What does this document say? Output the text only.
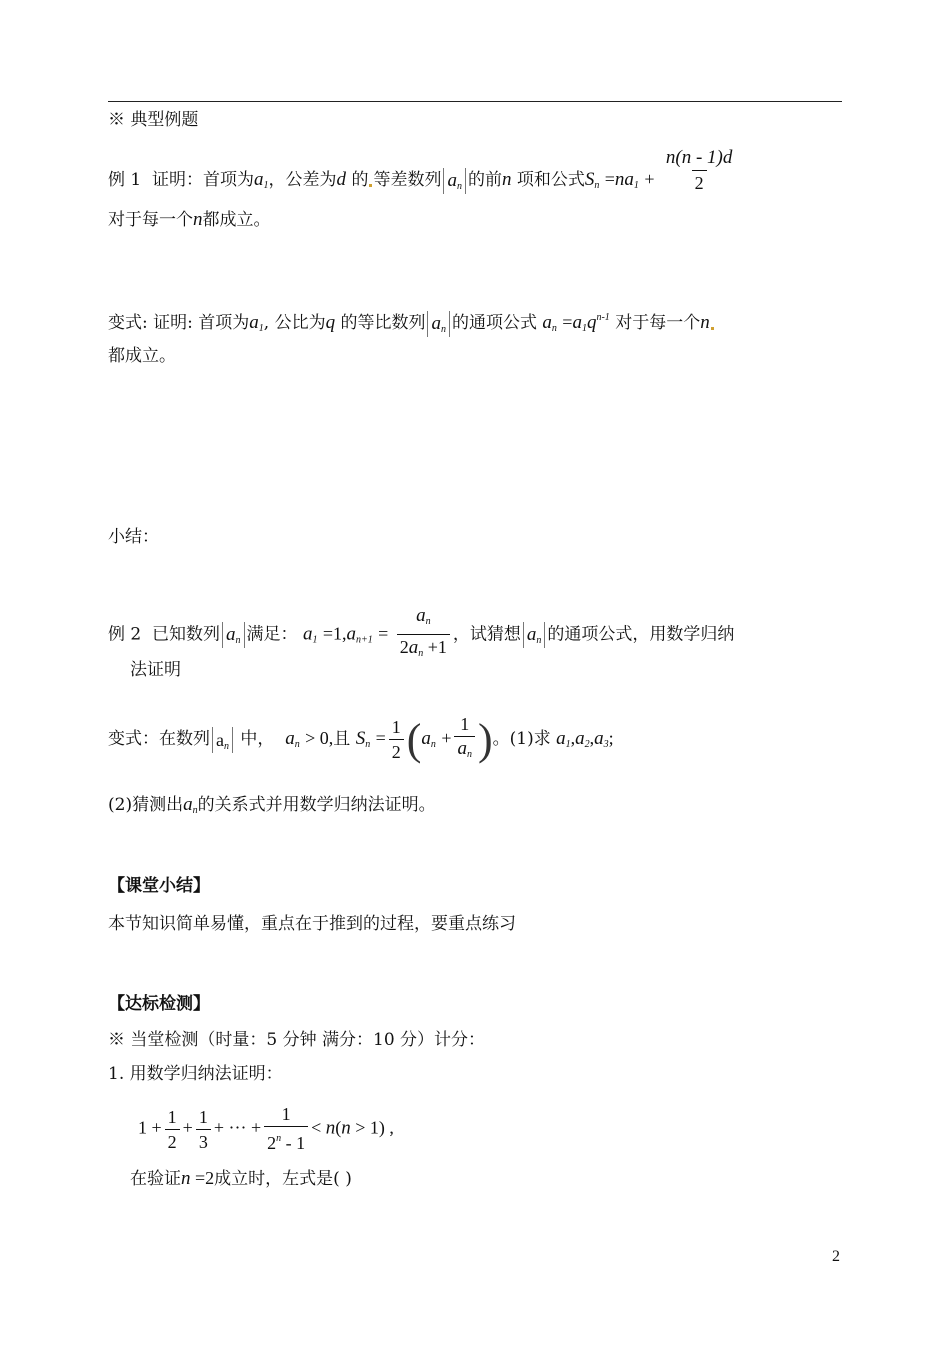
※ 典型例题
例 1 证明：首项为$a_1$，公差为d 的 等差数列 $a_n$ 的前n 项和公式$S_n =na_1 + \frac{n(n - 1)d}{2}$
对于每一个n都成立。
变式: 证明: 首项为$a_1$, 公比为q 的等比数列 $a_n$ 的通项公式 $a_n =a_1q^{n-1}$ 对于每一个n
都成立。
小结：
例 2 已知数列 $a_n$ 满足： $a_1 =1,a_{n+1} = \frac{a_n}{2a_n +1}$ ，试猜想 $a_n$ 的通项公式，用数学归纳
法证明
变式：在数列 $a_n$ 中， $a_n > 0$,且 $S_n = \frac{1}{2} (a_n + \frac{1}{a_n}$ )。(1)求 $a_1,a_2,a_3$;
(2)猜测出$a_n$的关系式并用数学归纳法证明。
【课堂小结】
本节知识简单易懂，重点在于推到的过程，要重点练习
【达标检测】
※ 当堂检测（时量：5 分钟 满分：10 分）计分：
1. 用数学归纳法证明：
$1 + \frac{1}{2} + \frac{1}{3}$ + ··· + $\frac{1}{2^n - 1} < n(n > 1)$ ,
在验证n =2成立时，左式是( )
2
